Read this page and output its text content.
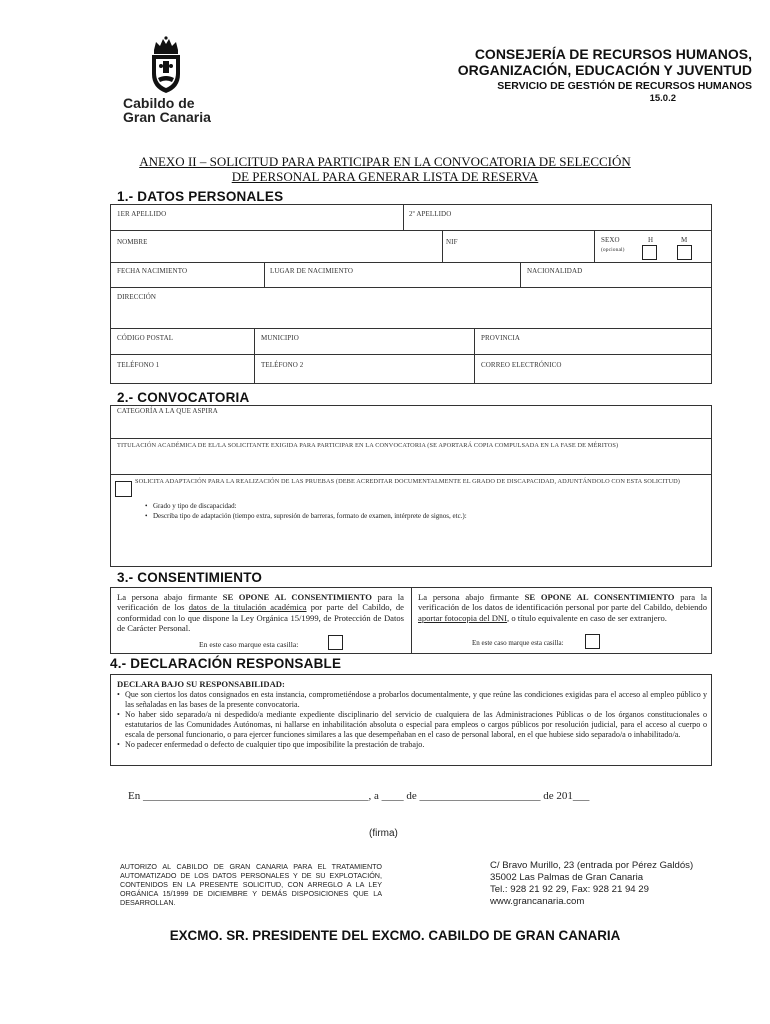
Cabildo de
Gran Canaria
CONSEJERÍA DE RECURSOS HUMANOS,
ORGANIZACIÓN, EDUCACIÓN Y JUVENTUD
SERVICIO DE GESTIÓN DE RECURSOS HUMANOS
15.0.2
ANEXO II – SOLICITUD PARA PARTICIPAR EN LA CONVOCATORIA DE SELECCIÓN
DE PERSONAL PARA GENERAR LISTA DE RESERVA
1.- DATOS PERSONALES
1ER APELLIDO	2º APELLIDO
NOMBRE	NIF	SEXO
(opcional)
H	M
FECHA NACIMIENTO	LUGAR DE NACIMIENTO	NACIONALIDAD
DIRECCIÓN
CÓDIGO POSTAL	MUNICIPIO	PROVINCIA
TELÉFONO 1	TELÉFONO 2	CORREO ELECTRÓNICO
2.- CONVOCATORIA
CATEGORÍA A LA QUE ASPIRA
TITULACIÓN ACADÉMICA DE EL/LA SOLICITANTE EXIGIDA PARA PARTICIPAR EN LA CONVOCATORIA (SE APORTARÁ COPIA COMPULSADA EN LA FASE DE MÉRITOS)
SOLICITA ADAPTACIÓN PARA LA REALIZACIÓN DE LAS PRUEBAS (DEBE ACREDITAR DOCUMENTALMENTE EL GRADO DE DISCAPACIDAD, ADJUNTÁNDOLO CON ESTA SOLICITUD)
• Grado y tipo de discapacidad:
• Describa tipo de adaptación (tiempo extra, supresión de barreras, formato de examen, intérprete de signos, etc.):
3.- CONSENTIMIENTO
La persona abajo firmante SE OPONE AL CONSENTIMIENTO para la verificación de los datos de la titulación académica por parte del Cabildo, de conformidad con lo que dispone la Ley Orgánica 15/1999, de Protección de Datos de Carácter Personal.
En este caso marque esta casilla:
La persona abajo firmante SE OPONE AL CONSENTIMIENTO para la verificación de los datos de identificación personal por parte del Cabildo, debiendo aportar fotocopia del DNI, o título equivalente en caso de ser extranjero.
En este caso marque esta casilla:
4.- DECLARACIÓN RESPONSABLE
DECLARA BAJO SU RESPONSABILIDAD:
• Que son ciertos los datos consignados en esta instancia, comprometiéndose a probarlos documentalmente, y que reúne las condiciones exigidas para el acceso al empleo público y las señaladas en las bases de la presente convocatoria.
• No haber sido separado/a ni despedido/a mediante expediente disciplinario del servicio de cualquiera de las Administraciones Públicas o de los órganos constitucionales o estatutarios de las Comunidades Autónomas, ni hallarse en inhabilitación absoluta o especial para empleos o cargos públicos por resolución judicial, para el acceso al cuerpo o escala de personal funcionario, o para ejercer funciones similares a las que desempeñaban en el caso de personal laboral, en el que hubiese sido separado/a o inhabilitado/a.
• No padecer enfermedad o defecto de cualquier tipo que imposibilite la prestación de trabajo.
En _________________________________________, a ____ de ______________________ de 201___
(firma)
AUTORIZO AL CABILDO DE GRAN CANARIA PARA EL TRATAMIENTO AUTOMATIZADO DE LOS DATOS PERSONALES Y DE SU EXPLOTACIÓN, CONTENIDOS EN LA PRESENTE SOLICITUD, CON ARREGLO A LA LEY ORGÁNICA 15/1999 DE DICIEMBRE Y DEMÁS DISPOSICIONES QUE LA DESARROLLAN.
C/ Bravo Murillo, 23 (entrada por Pérez Galdós)
35002 Las Palmas de Gran Canaria
Tel.: 928 21 92 29, Fax: 928 21 94 29
www.grancanaria.com
EXCMO. SR. PRESIDENTE DEL EXCMO. CABILDO DE GRAN CANARIA
